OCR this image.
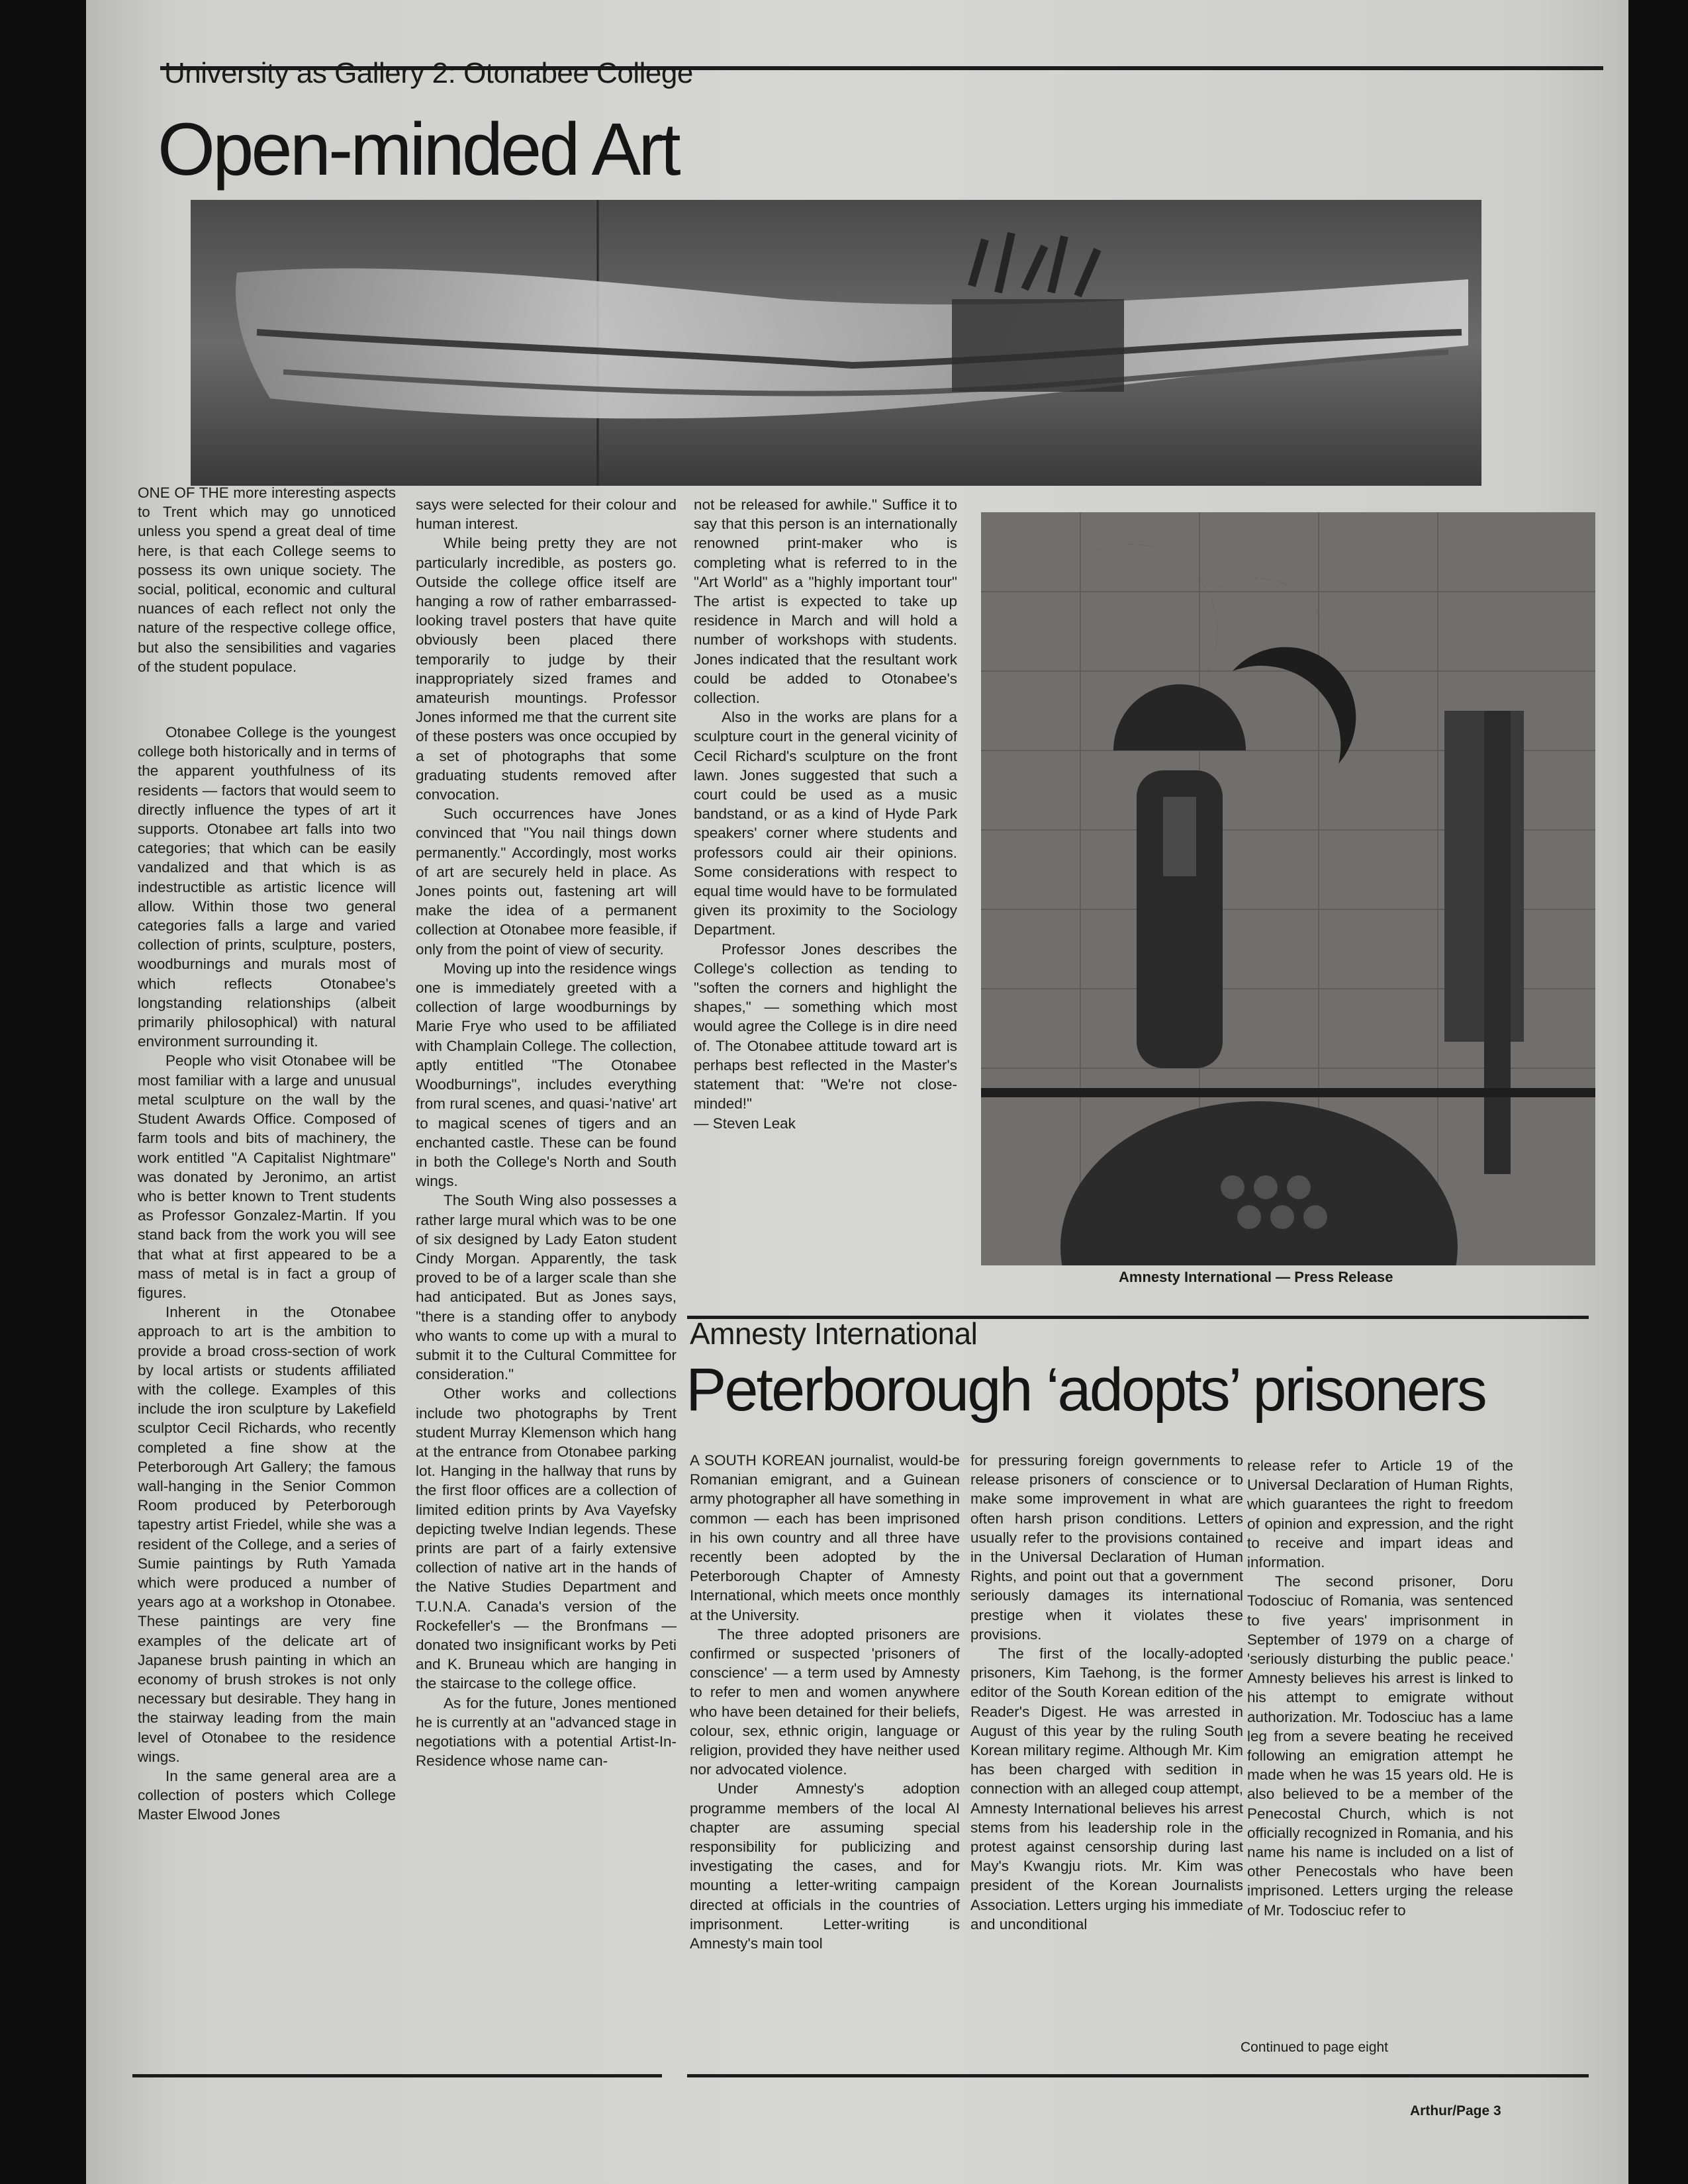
University as Gallery 2: Otonabee College
Open-minded Art

ONE OF THE more interesting aspects to Trent which may go unnoticed unless you spend a great deal of time here, is that each College seems to possess its own unique society. The social, political, economic and cultural nuances of each reflect not only the nature of the respective college office, but also the sensibilities and vagaries of the student populace.

Otonabee College is the youngest college both historically and in terms of the apparent youthfulness of its residents — factors that would seem to directly influence the types of art it supports. Otonabee art falls into two categories; that which can be easily vandalized and that which is as indestructible as artistic licence will allow. Within those two general categories falls a large and varied collection of prints, sculpture, posters, woodburnings and murals most of which reflects Otonabee's longstanding relationships (albeit primarily philosophical) with natural environment surrounding it.

People who visit Otonabee will be most familiar with a large and unusual metal sculpture on the wall by the Student Awards Office. Composed of farm tools and bits of machinery, the work entitled "A Capitalist Nightmare" was donated by Jeronimo, an artist who is better known to Trent students as Professor Gonzalez-Martin. If you stand back from the work you will see that what at first appeared to be a mass of metal is in fact a group of figures.

Inherent in the Otonabee approach to art is the ambition to provide a broad cross-section of work by local artists or students affiliated with the college. Examples of this include the iron sculpture by Lakefield sculptor Cecil Richards, who recently completed a fine show at the Peterborough Art Gallery; the famous wall-hanging in the Senior Common Room produced by Peterborough tapestry artist Friedel, while she was a resident of the College, and a series of Sumie paintings by Ruth Yamada which were produced a number of years ago at a workshop in Otonabee. These paintings are very fine examples of the delicate art of Japanese brush painting in which an economy of brush strokes is not only necessary but desirable. They hang in the stairway leading from the main level of Otonabee to the residence wings.

In the same general area are a collection of posters which College Master Elwood Jones

says were selected for their colour and human interest.

While being pretty they are not particularly incredible, as posters go. Outside the college office itself are hanging a row of rather embarrassed-looking travel posters that have quite obviously been placed there temporarily to judge by their inappropriately sized frames and amateurish mountings. Professor Jones informed me that the current site of these posters was once occupied by a set of photographs that some graduating students removed after convocation.

Such occurrences have Jones convinced that "You nail things down permanently." Accordingly, most works of art are securely held in place. As Jones points out, fastening art will make the idea of a permanent collection at Otonabee more feasible, if only from the point of view of security.

Moving up into the residence wings one is immediately greeted with a collection of large woodburnings by Marie Frye who used to be affiliated with Champlain College. The collection, aptly entitled "The Otonabee Woodburnings", includes everything from rural scenes, and quasi-'native' art to magical scenes of tigers and an enchanted castle. These can be found in both the College's North and South wings.

The South Wing also possesses a rather large mural which was to be one of six designed by Lady Eaton student Cindy Morgan. Apparently, the task proved to be of a larger scale than she had anticipated. But as Jones says, "there is a standing offer to anybody who wants to come up with a mural to submit it to the Cultural Committee for consideration."

Other works and collections include two photographs by Trent student Murray Klemenson which hang at the entrance from Otonabee parking lot. Hanging in the hallway that runs by the first floor offices are a collection of limited edition prints by Ava Vayefsky depicting twelve Indian legends. These prints are part of a fairly extensive collection of native art in the hands of the Native Studies Department and T.U.N.A. Canada's version of the Rockefeller's — the Bronfmans — donated two insignificant works by Peti and K. Bruneau which are hanging in the staircase to the college office.

As for the future, Jones mentioned he is currently at an "advanced stage in negotiations with a potential Artist-In-Residence whose name can-

not be released for awhile." Suffice it to say that this person is an internationally renowned print-maker who is completing what is referred to in the "Art World" as a "highly important tour" The artist is expected to take up residence in March and will hold a number of workshops with students. Jones indicated that the resultant work could be added to Otonabee's collection.

Also in the works are plans for a sculpture court in the general vicinity of Cecil Richard's sculpture on the front lawn. Jones suggested that such a court could be used as a music bandstand, or as a kind of Hyde Park speakers' corner where students and professors could air their opinions. Some considerations with respect to equal time would have to be formulated given its proximity to the Sociology Department.

Professor Jones describes the College's collection as tending to "soften the corners and highlight the shapes," — something which most would agree the College is in dire need of. The Otonabee attitude toward art is perhaps best reflected in the Master's statement that: "We're not close-minded!"

— Steven Leak

Amnesty International — Press Release
Amnesty International
Peterborough ‘adopts’ prisoners

A SOUTH KOREAN journalist, would-be Romanian emigrant, and a Guinean army photographer all have something in common — each has been imprisoned in his own country and all three have recently been adopted by the Peterborough Chapter of Amnesty International, which meets once monthly at the University.

The three adopted prisoners are confirmed or suspected 'prisoners of conscience' — a term used by Amnesty to refer to men and women anywhere who have been detained for their beliefs, colour, sex, ethnic origin, language or religion, provided they have neither used nor advocated violence.

Under Amnesty's adoption programme members of the local AI chapter are assuming special responsibility for publicizing and investigating the cases, and for mounting a letter-writing campaign directed at officials in the countries of imprisonment. Letter-writing is Amnesty's main tool

for pressuring foreign governments to release prisoners of conscience or to make some improvement in what are often harsh prison conditions. Letters usually refer to the provisions contained in the Universal Declaration of Human Rights, and point out that a government seriously damages its international prestige when it violates these provisions.

The first of the locally-adopted prisoners, Kim Taehong, is the former editor of the South Korean edition of the Reader's Digest. He was arrested in August of this year by the ruling South Korean military regime. Although Mr. Kim has been charged with sedition in connection with an alleged coup attempt, Amnesty International believes his arrest stems from his leadership role in the protest against censorship during last May's Kwangju riots. Mr. Kim was president of the Korean Journalists Association. Letters urging his immediate and unconditional

release refer to Article 19 of the Universal Declaration of Human Rights, which guarantees the right to freedom of opinion and expression, and the right to receive and impart ideas and information.

The second prisoner, Doru Todosciuc of Romania, was sentenced to five years' imprisonment in September of 1979 on a charge of 'seriously disturbing the public peace.' Amnesty believes his arrest is linked to his attempt to emigrate without authorization. Mr. Todosciuc has a lame leg from a severe beating he received following an emigration attempt he made when he was 15 years old. He is also believed to be a member of the Penecostal Church, which is not officially recognized in Romania, and his name his name is included on a list of other Penecostals who have been imprisoned. Letters urging the release of Mr. Todosciuc refer to

Continued to page eight
Arthur/Page 3
